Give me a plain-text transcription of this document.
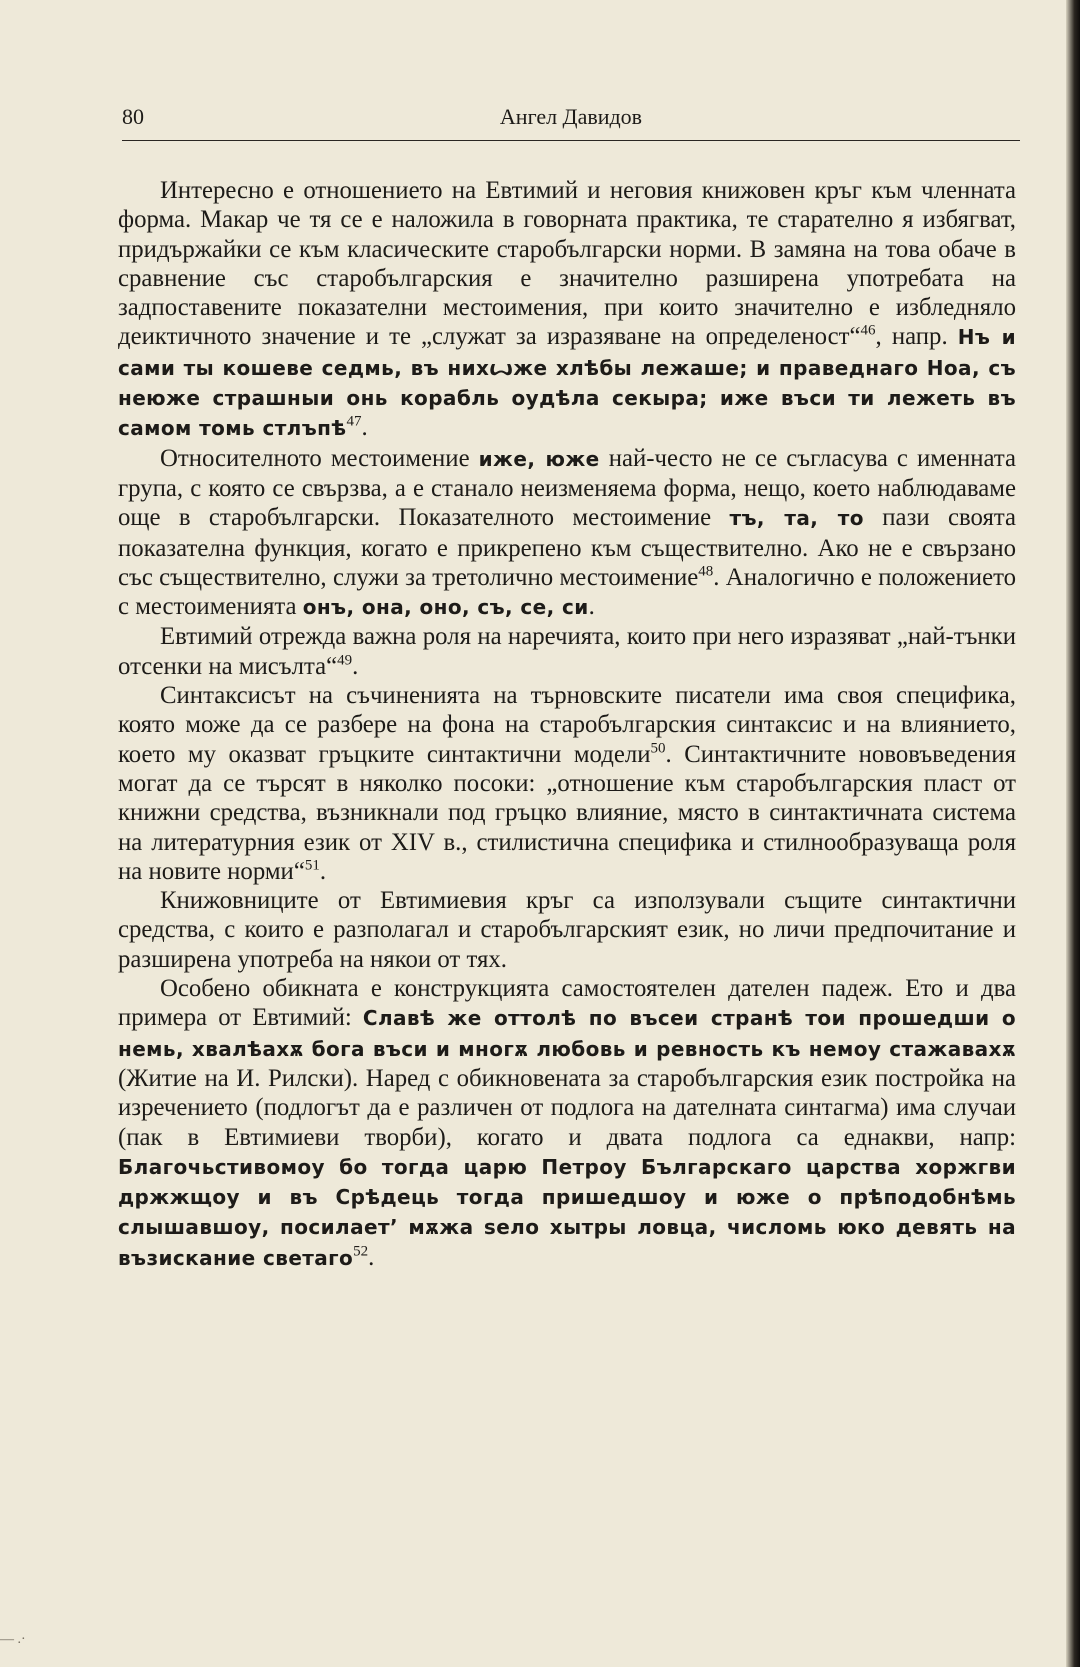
80	Ангел Давидов

Интересно е отношението на Евтимий и неговия книжовен кръг към членната форма. Макар че тя се е наложила в говорната практика, те старателно я избягват, придържайки се към класическите старобългарски норми. В замяна на това обаче в сравнение със старобългарския е значително разширена употребата на задпоставените показателни местоимения, при които значително е избледняло деиктичното значение и те „служат за изразяване на определеност“$^{46}$, напр. Нъ и сами ты кошеве седмь, въ нихꙍже хлѣбы лежаше; и праведнаго Ноа, съ неюже страшныи онь корабль оудѣла секыра; иже въси ти лежеть въ самом томь стлъпѣ$^{47}$.

Относителното местоимение иже, юже най-често не се съгласува с именната група, с която се свързва, а е станало неизменяема форма, нещо, което наблюдаваме още в старобългарски. Показателното местоимение тъ, та, то пази своята показателна функция, когато е прикрепено към съществително. Ако не е свързано със съществително, служи за третолично местоимение$^{48}$. Аналогично е положението с местоименията онъ, она, оно, съ, се, си.

Евтимий отрежда важна роля на наречията, които при него изразяват „най-тънки отсенки на мисълта“$^{49}$.

Синтаксисът на съчиненията на търновските писатели има своя специфика, която може да се разбере на фона на старобългарския синтаксис и на влиянието, което му оказват гръцките синтактични модели$^{50}$. Синтактичните нововъведения могат да се търсят в няколко посоки: „отношение към старобългарския пласт от книжни средства, възникнали под гръцко влияние, място в синтактичната система на литературния език от XIV в., стилистична специфика и стилнообразуваща роля на новите норми“$^{51}$.

Книжовниците от Евтимиевия кръг са използували същите синтактични средства, с които е разполагал и старобългарският език, но личи предпочитание и разширена употреба на някои от тях.

Особено обикната е конструкцията самостоятелен дателен падеж. Ето и два примера от Евтимий: Славѣ же оттолѣ по въсеи странѣ тои прошедши о немь, хвалѣахѫ бога въси и многѫ любовь и ревность къ немоу стажавахѫ (Житие на И. Рилски). Наред с обикновената за старобългарския език постройка на изречението (подлогът да е различен от подлога на дателната синтагма) има случаи (пак в Евтимиеви творби), когато и двата подлога са еднакви, напр: Благочьстивомоу бо тогда царю Петроу Българскаго царства хоржгви држжщоу и въ Срѣдець тогда пришедшоу и юже о прѣподобнѣмь слышавшоу, посилает’ мѫжа ѕело хытры ловца, числомь юко девять на възискание светаго$^{52}$.

— .·
